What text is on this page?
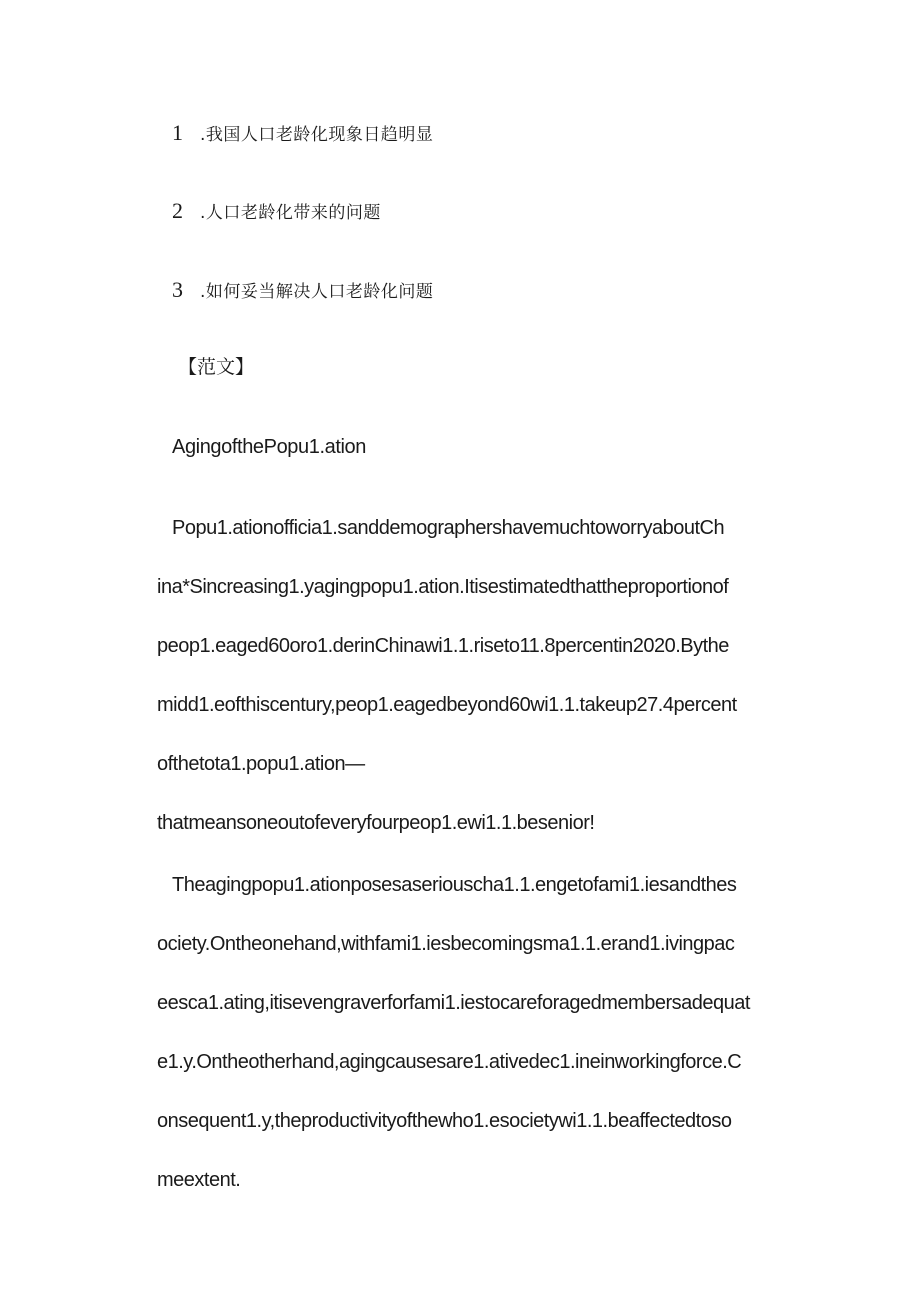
1 .我国人口老龄化现象日趋明显
2 .人口老龄化带来的问题
3 .如何妥当解决人口老龄化问题
【范文】
AgingofthePopu1.ation
Popu1.ationofficia1.sanddemographershavemuchtoworryaboutCh
ina*Sincreasing1.yagingpopu1.ation.Itisestimatedthattheproportionof
peop1.eaged60oro1.derinChinawi1.1.riseto11.8percentin2020.Bythe
midd1.eofthiscentury,peop1.eagedbeyond60wi1.1.takeup27.4percent
ofthetota1.popu1.ation—
thatmeansoneoutofeveryfourpeop1.ewi1.1.besenior!
Theagingpopu1.ationposesaseriouscha1.1.engetofami1.iesandthes
ociety.Ontheonehand,withfami1.iesbecomingsma1.1.erand1.ivingpac
eesca1.ating,itisevengraverforfami1.iestocareforagedmembersadequat
e1.y.Ontheotherhand,agingcausesare1.ativedec1.ineinworkingforce.C
onsequent1.y,theproductivityofthewho1.esocietywi1.1.beaffectedtoso
meextent.
